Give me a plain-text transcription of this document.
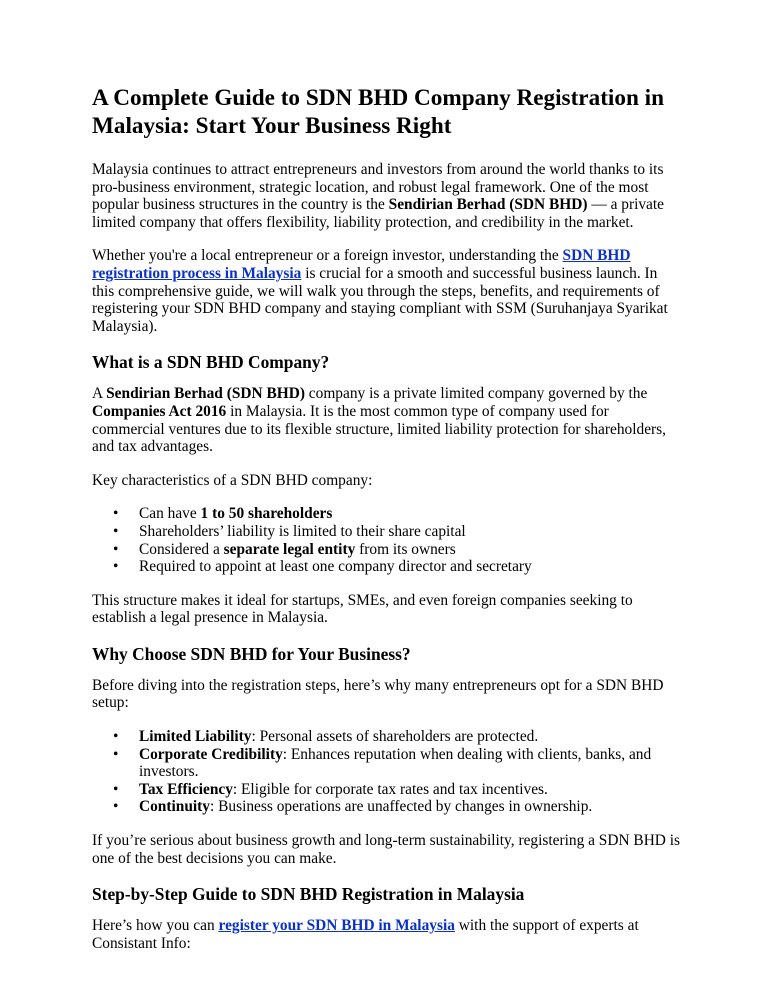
A Complete Guide to SDN BHD Company Registration in Malaysia: Start Your Business Right

Malaysia continues to attract entrepreneurs and investors from around the world thanks to its pro-business environment, strategic location, and robust legal framework. One of the most popular business structures in the country is the Sendirian Berhad (SDN BHD) — a private limited company that offers flexibility, liability protection, and credibility in the market.

Whether you're a local entrepreneur or a foreign investor, understanding the SDN BHD registration process in Malaysia is crucial for a smooth and successful business launch. In this comprehensive guide, we will walk you through the steps, benefits, and requirements of registering your SDN BHD company and staying compliant with SSM (Suruhanjaya Syarikat Malaysia).

What is a SDN BHD Company?

A Sendirian Berhad (SDN BHD) company is a private limited company governed by the Companies Act 2016 in Malaysia. It is the most common type of company used for commercial ventures due to its flexible structure, limited liability protection for shareholders, and tax advantages.

Key characteristics of a SDN BHD company:

• Can have 1 to 50 shareholders
• Shareholders’ liability is limited to their share capital
• Considered a separate legal entity from its owners
• Required to appoint at least one company director and secretary

This structure makes it ideal for startups, SMEs, and even foreign companies seeking to establish a legal presence in Malaysia.

Why Choose SDN BHD for Your Business?

Before diving into the registration steps, here’s why many entrepreneurs opt for a SDN BHD setup:

• Limited Liability: Personal assets of shareholders are protected.
• Corporate Credibility: Enhances reputation when dealing with clients, banks, and investors.
• Tax Efficiency: Eligible for corporate tax rates and tax incentives.
• Continuity: Business operations are unaffected by changes in ownership.

If you’re serious about business growth and long-term sustainability, registering a SDN BHD is one of the best decisions you can make.

Step-by-Step Guide to SDN BHD Registration in Malaysia

Here’s how you can register your SDN BHD in Malaysia with the support of experts at Consistant Info:
